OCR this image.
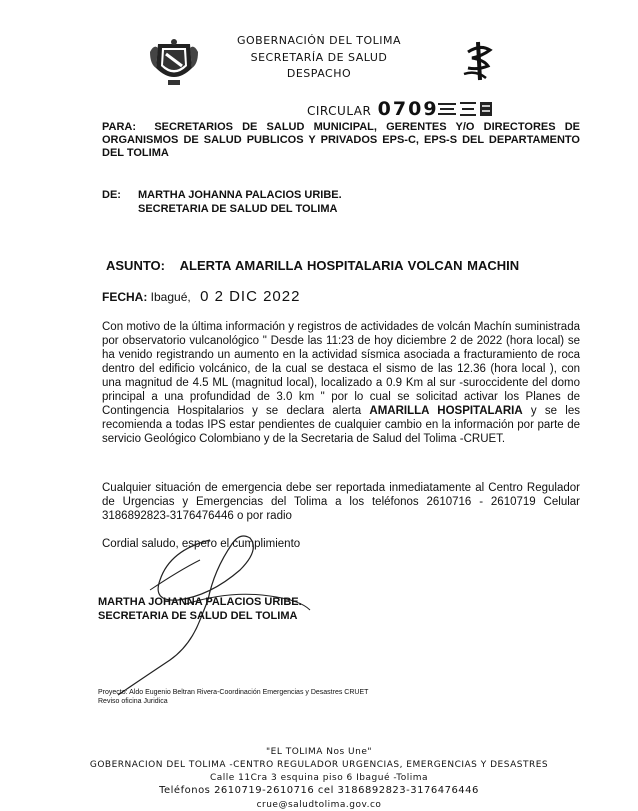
GOBERNACIÓN DEL TOLIMA
SECRETARÍA DE SALUD
DESPACHO
CIRCULAR 0709
PARA: SECRETARIOS DE SALUD MUNICIPAL, GERENTES Y/O DIRECTORES DE ORGANISMOS DE SALUD PUBLICOS Y PRIVADOS EPS-C, EPS-S DEL DEPARTAMENTO DEL TOLIMA
DE: MARTHA JOHANNA PALACIOS URIBE.
SECRETARIA DE SALUD DEL TOLIMA
ASUNTO: ALERTA AMARILLA HOSPITALARIA VOLCAN MACHIN
FECHA: Ibagué, 0 2 DIC 2022
Con motivo de la última información y registros de actividades de volcán Machín suministrada por observatorio vulcanológico " Desde las 11:23 de hoy diciembre 2 de 2022 (hora local) se ha venido registrando un aumento en la actividad sísmica asociada a fracturamiento de roca dentro del edificio volcánico, de la cual se destaca el sismo de las 12.36 (hora local ), con una magnitud de 4.5 ML (magnitud local), localizado a 0.9 Km al sur -suroccidente del domo principal a una profundidad de 3.0 km " por lo cual se solicitad activar los Planes de Contingencia Hospitalarios y se declara alerta AMARILLA HOSPITALARIA y se les recomienda a todas IPS estar pendientes de cualquier cambio en la información por parte de servicio Geológico Colombiano y de la Secretaria de Salud del Tolima -CRUET.
Cualquier situación de emergencia debe ser reportada inmediatamente al Centro Regulador de Urgencias y Emergencias del Tolima a los teléfonos 2610716 - 2610719 Celular 3186892823-3176476446 o por radio
Cordial saludo, espero el cumplimiento
MARTHA JOHANNA PALACIOS URIBE.
SECRETARIA DE SALUD DEL TOLIMA
Proyecto: Aldo Eugenio Beltran Rivera-Coordinación Emergencias y Desastres CRUET
Reviso oficina Juridica
"EL TOLIMA Nos Une"
GOBERNACION DEL TOLIMA -CENTRO REGULADOR URGENCIAS, EMERGENCIAS Y DESASTRES
Calle 11Cra 3 esquina piso 6 Ibagué -Tolima
Teléfonos 2610719-2610716 cel 3186892823-3176476446
crue@saludtolima.gov.co
